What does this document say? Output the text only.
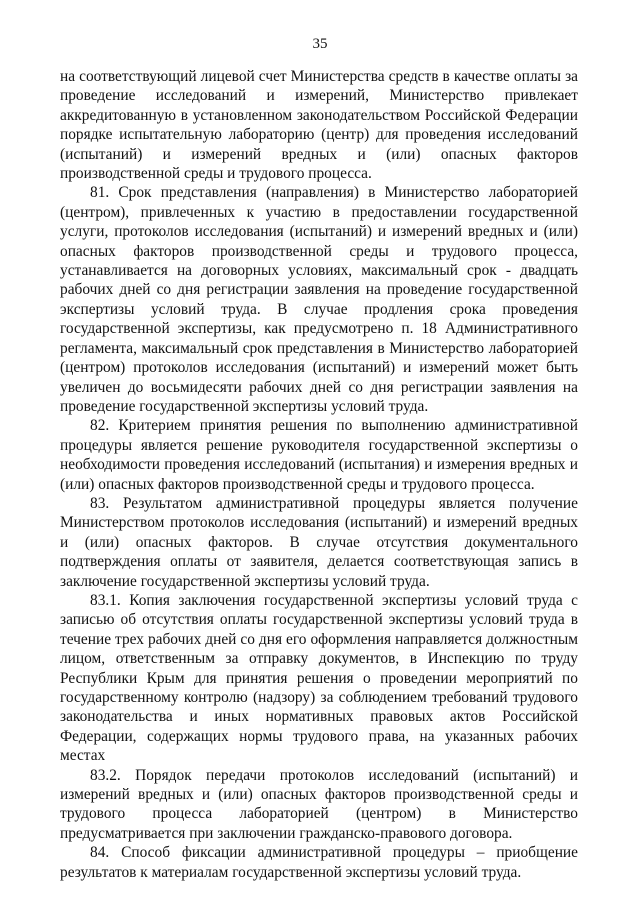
35

на соответствующий лицевой счет Министерства средств в качестве оплаты за проведение исследований и измерений, Министерство привлекает аккредитованную в установленном законодательством Российской Федерации порядке испытательную лабораторию (центр) для проведения исследований (испытаний) и измерений вредных и (или) опасных факторов производственной среды и трудового процесса.

81. Срок представления (направления) в Министерство лабораторией (центром), привлеченных к участию в предоставлении государственной услуги, протоколов исследования (испытаний) и измерений вредных и (или) опасных факторов производственной среды и трудового процесса, устанавливается на договорных условиях, максимальный срок - двадцать рабочих дней со дня регистрации заявления на проведение государственной экспертизы условий труда. В случае продления срока проведения государственной экспертизы, как предусмотрено п. 18 Административного регламента, максимальный срок представления в Министерство лабораторией (центром) протоколов исследования (испытаний) и измерений может быть увеличен до восьмидесяти рабочих дней со дня регистрации заявления на проведение государственной экспертизы условий труда.

82. Критерием принятия решения по выполнению административной процедуры является решение руководителя государственной экспертизы о необходимости проведения исследований (испытания) и измерения вредных и (или) опасных факторов производственной среды и трудового процесса.

83. Результатом административной процедуры является получение Министерством протоколов исследования (испытаний) и измерений вредных и (или) опасных факторов. В случае отсутствия документального подтверждения оплаты от заявителя, делается соответствующая запись в заключение государственной экспертизы условий труда.

83.1. Копия заключения государственной экспертизы условий труда с записью об отсутствия оплаты государственной экспертизы условий труда в течение трех рабочих дней со дня его оформления направляется должностным лицом, ответственным за отправку документов, в Инспекцию по труду Республики Крым для принятия решения о проведении мероприятий по государственному контролю (надзору) за соблюдением требований трудового законодательства и иных нормативных правовых актов Российской Федерации, содержащих нормы трудового права, на указанных рабочих местах

83.2. Порядок передачи протоколов исследований (испытаний) и измерений вредных и (или) опасных факторов производственной среды и трудового процесса лабораторией (центром) в Министерство предусматривается при заключении гражданско-правового договора.

84. Способ фиксации административной процедуры – приобщение результатов к материалам государственной экспертизы условий труда.
